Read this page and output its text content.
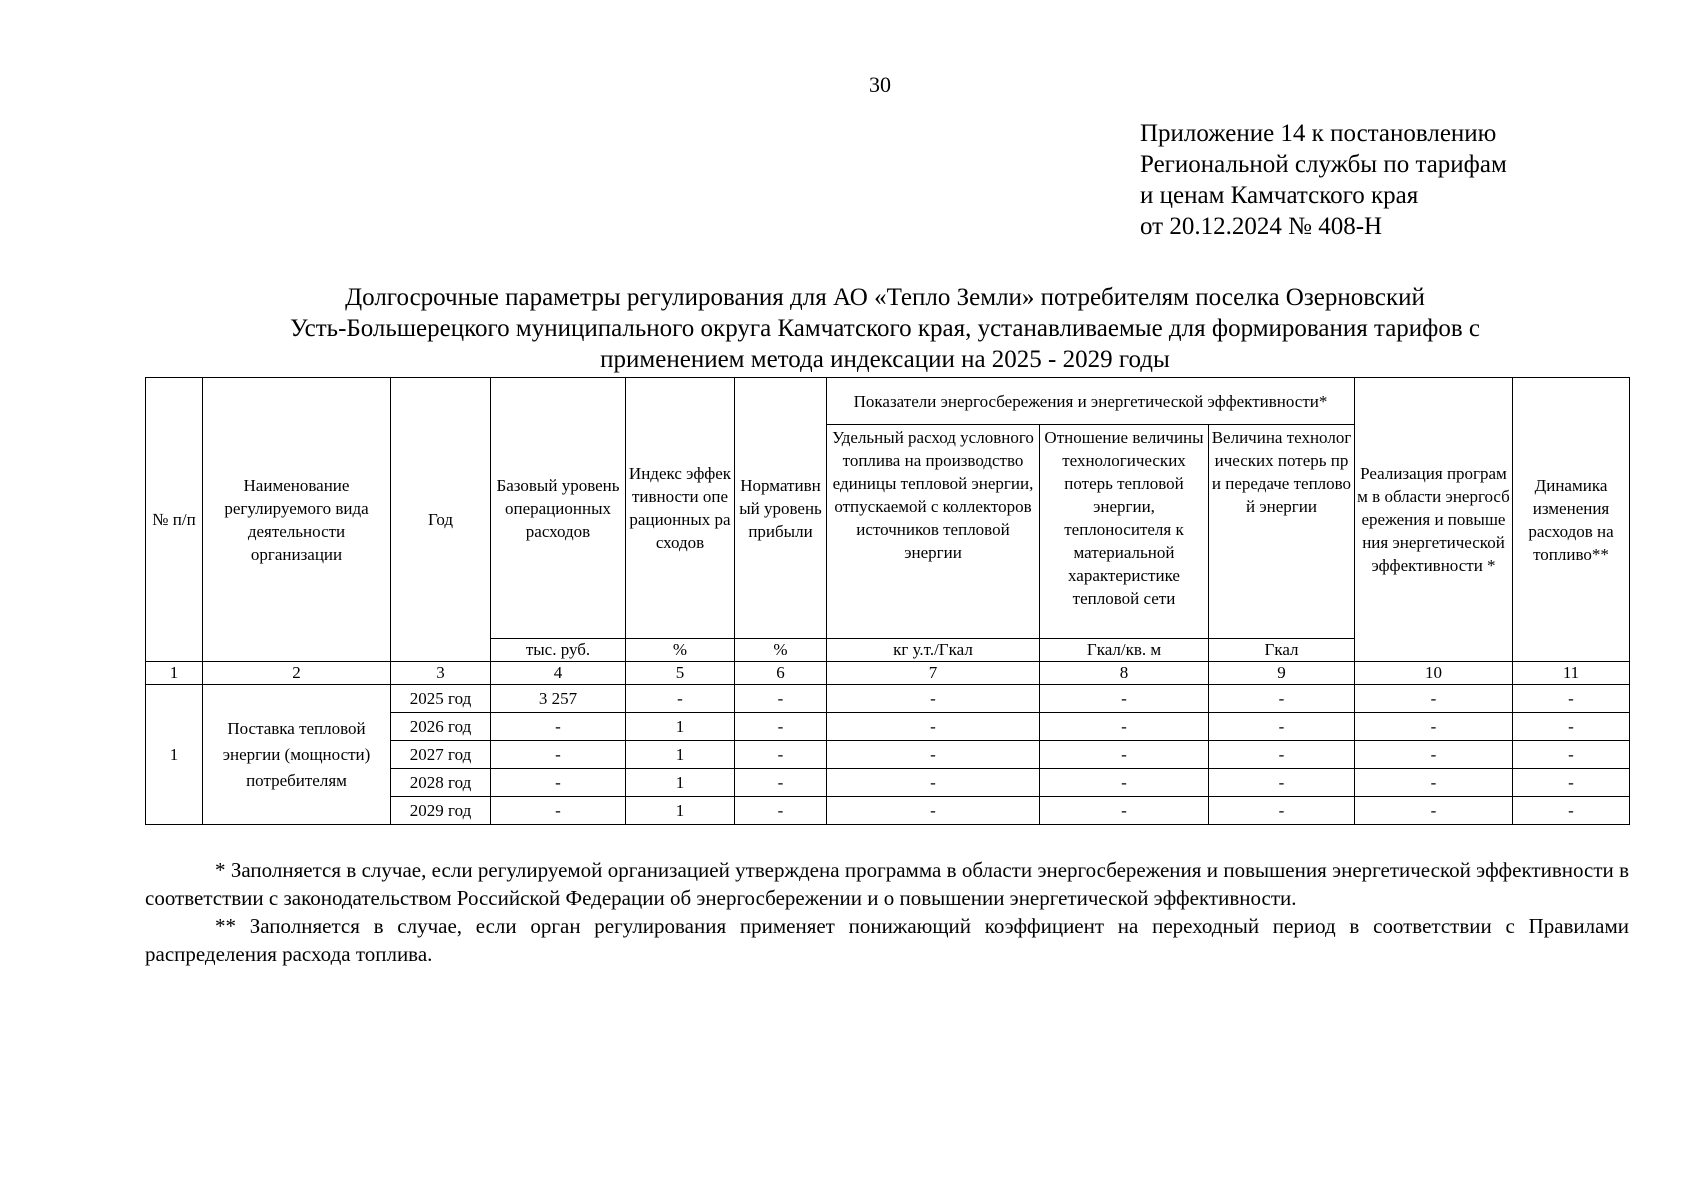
30
Приложение 14 к постановлению
Региональной службы по тарифам
и ценам Камчатского края
от 20.12.2024 № 408-Н
Долгосрочные параметры регулирования для АО «Тепло Земли» потребителям поселка Озерновский
Усть-Большерецкого муниципального округа Камчатского края, устанавливаемые для формирования тарифов с
применением метода индексации на 2025 - 2029 годы
№ п/п	Наименование регулируемого вида деятельности организации	Год	Базовый уровень операционных расходов	Индекс эффективности операционных расходов	Нормативный уровень прибыли	Показатели энергосбережения и энергетической эффективности*			Реализация программ в области энергосбережения и повышения энергетической эффективности *	Динамика изменения расходов на топливо**
						Удельный расход условного топлива на производство единицы тепловой энергии, отпускаемой с коллекторов источников тепловой энергии	Отношение величины технологических потерь тепловой энергии, теплоносителя к материальной характеристике тепловой сети	Величина технологических потерь при передаче тепловой энергии		
			тыс. руб.	%	%	кг у.т./Гкал	Гкал/кв. м	Гкал		
1	2	3	4	5	6	7	8	9	10	11
1	Поставка тепловой энергии (мощности) потребителям	2025 год	3 257	-	-	-	-	-	-	-
		2026 год	-	1	-	-	-	-	-	-
		2027 год	-	1	-	-	-	-	-	-
		2028 год	-	1	-	-	-	-	-	-
		2029 год	-	1	-	-	-	-	-	-

* Заполняется в случае, если регулируемой организацией утверждена программа в области энергосбережения и повышения энергетической эффективности в соответствии с законодательством Российской Федерации об энергосбережении и о повышении энергетической эффективности.

** Заполняется в случае, если орган регулирования применяет понижающий коэффициент на переходный период в соответствии с Правилами распределения расхода топлива.
